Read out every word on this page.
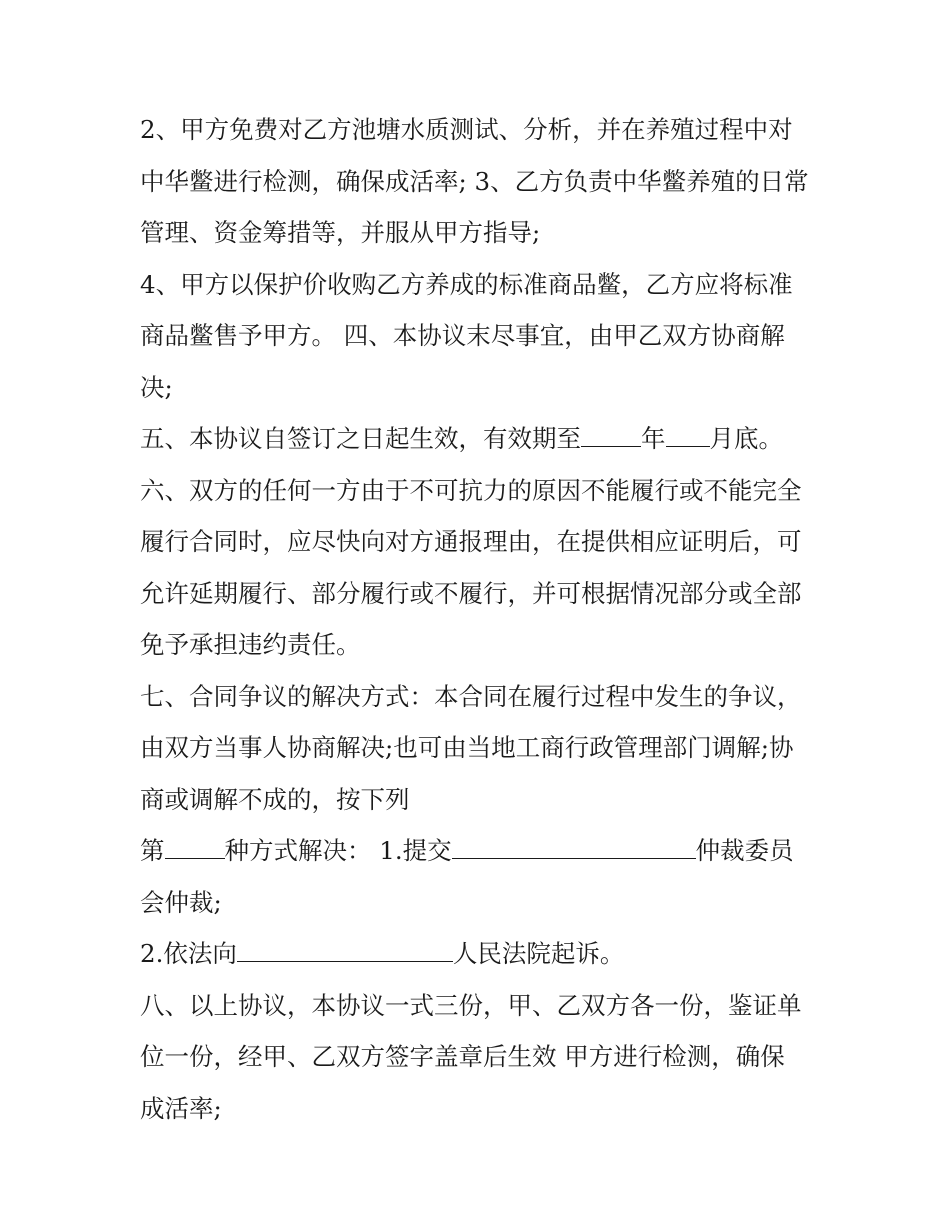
2、甲方免费对乙方池塘水质测试、分析，并在养殖过程中对
中华鳖进行检测，确保成活率; 3、乙方负责中华鳖养殖的日常
管理、资金筹措等，并服从甲方指导;
4、甲方以保护价收购乙方养成的标准商品鳖，乙方应将标准
商品鳖售予甲方。 四、本协议末尽事宜，由甲乙双方协商解
决;
五、本协议自签订之日起生效，有效期至 年 月底。
六、双方的任何一方由于不可抗力的原因不能履行或不能完全
履行合同时，应尽快向对方通报理由，在提供相应证明后，可
允许延期履行、部分履行或不履行，并可根据情况部分或全部
免予承担违约责任。
七、合同争议的解决方式：本合同在履行过程中发生的争议，
由双方当事人协商解决;也可由当地工商行政管理部门调解;协
商或调解不成的，按下列
第 种方式解决： 1.提交	仲裁委员
会仲裁;
2.依法向	人民法院起诉。
八、以上协议，本协议一式三份，甲、乙双方各一份，鉴证单
位一份，经甲、乙双方签字盖章后生效 甲方进行检测，确保
成活率;
